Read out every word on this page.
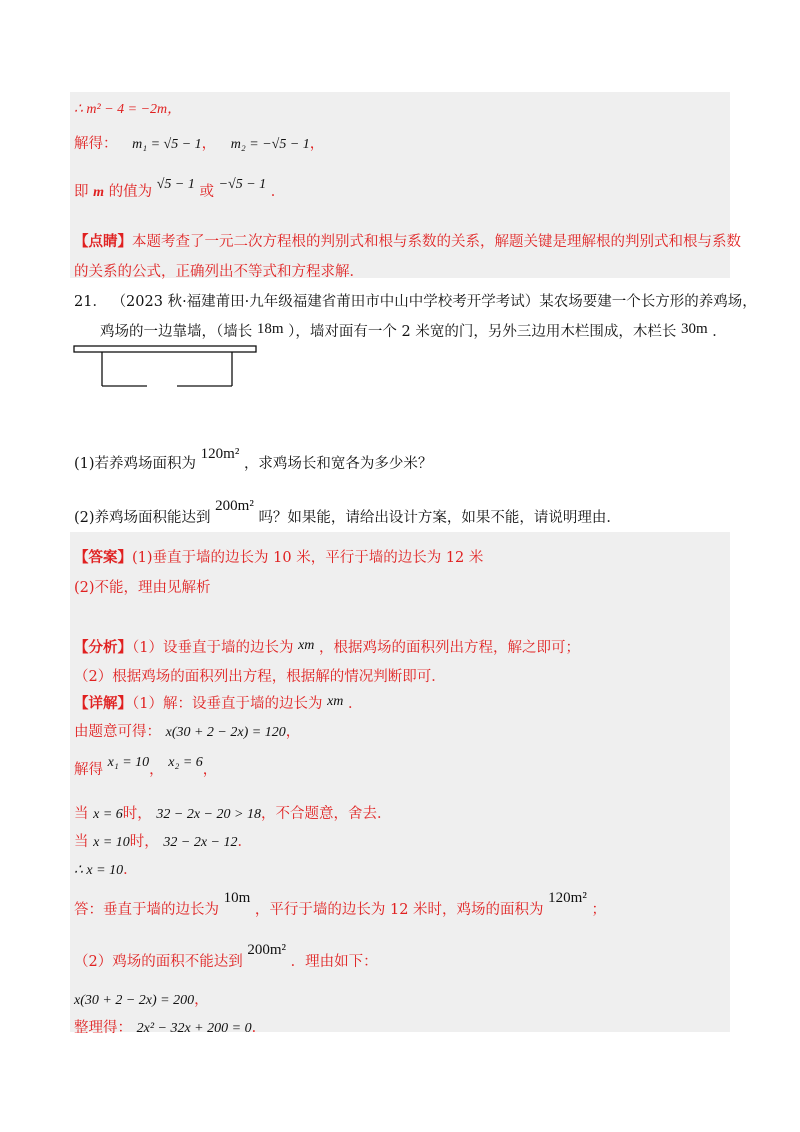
∴ m² − 4 = −2m，
解得： m₁ = √5 − 1， m₂ = −√5 − 1，
即 m 的值为 √5 − 1 或 −√5 − 1 ．
【点睛】本题考查了一元二次方程根的判别式和根与系数的关系，解题关键是理解根的判别式和根与系数
的关系的公式，正确列出不等式和方程求解．
21． （2023 秋·福建莆田·九年级福建省莆田市中山中学校考开学考试）某农场要建一个长方形的养鸡场，
鸡场的一边靠墙，（墙长 18m ），墙对面有一个 2 米宽的门，另外三边用木栏围成，木栏长 30m ．
(1)若养鸡场面积为 120m² ，求鸡场长和宽各为多少米？
(2)养鸡场面积能达到 200m² 吗？如果能，请给出设计方案，如果不能，请说明理由．
【答案】(1)垂直于墙的边长为 10 米，平行于墙的边长为 12 米
(2)不能，理由见解析
【分析】（1）设垂直于墙的边长为 xm ，根据鸡场的面积列出方程，解之即可；
（2）根据鸡场的面积列出方程，根据解的情况判断即可．
【详解】（1）解：设垂直于墙的边长为 xm ．
由题意可得： x(30 + 2 − 2x) = 120，
解得 x₁ = 10， x₂ = 6，
当 x = 6时， 32 − 2x − 20 > 18，不合题意，舍去．
当 x = 10时， 32 − 2x − 12．
∴ x = 10．
答：垂直于墙的边长为 10m ，平行于墙的边长为 12 米时，鸡场的面积为 120m² ；
（2）鸡场的面积不能达到 200m² ．理由如下：
x(30 + 2 − 2x) = 200，
整理得： 2x² − 32x + 200 = 0．
